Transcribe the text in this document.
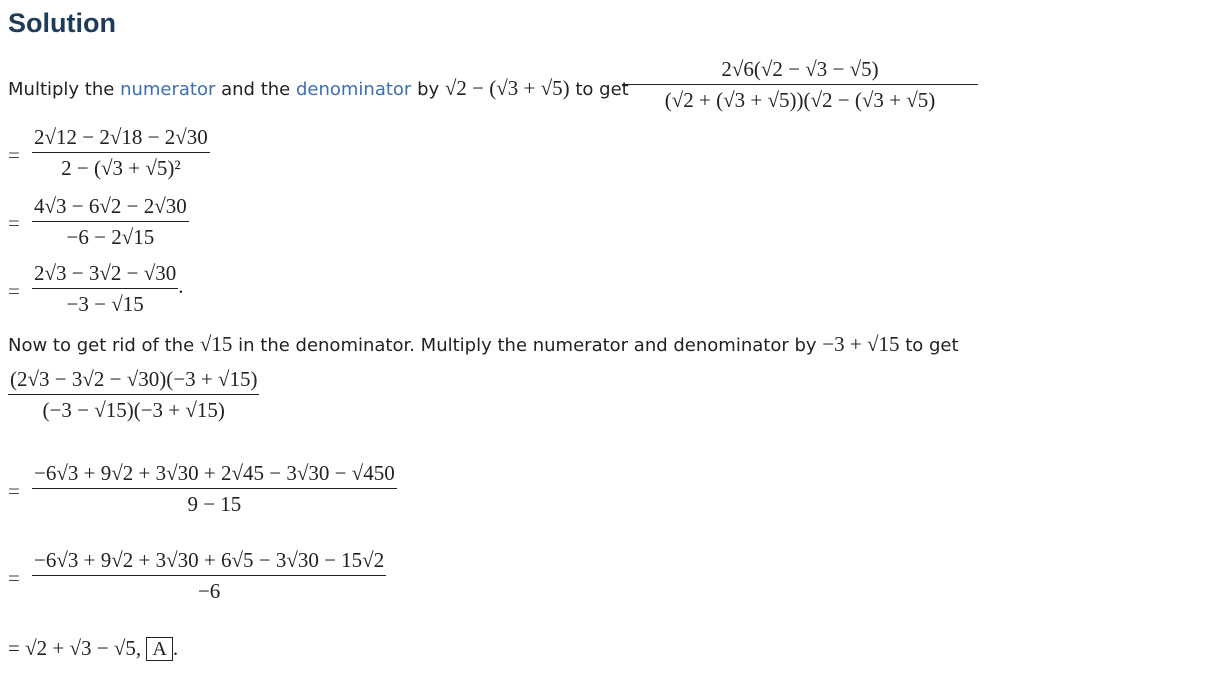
Solution
Multiply the numerator and the denominator by √2 − (√3 + √5) to get
$\frac{2√6(√2 - √3 - √5)}{(√2 + (√3 + √5))(√2 - (√3 + √5)}$
= $\frac{2√12 - 2√18 - 2√30}{\text{2 − (√3 + √5)²}}$
= $\frac{4√3 - 6√2 - 2√30}{-6 - 2√15}$
= $\frac{2√3 - 3√2 - √30}{-3 - √15}$ .
Now to get rid of the √15 in the denominator. Multiply the numerator and denominator by −3 + √15 to get
$\frac{(2√3 - 3√2 - √30)(-3 + √15)}{(-3 - √15)(-3 + √15)}$
= $\frac{-6√3 + 9√2 + 3√30 + 2√45 - 3√30 - √450}{9 - 15}$
= $\frac{-6√3 + 9√2 + 3√30 + 6√5 - 3√30 - 15√2}{-6}$
= √2 + √3 − √5, A .
